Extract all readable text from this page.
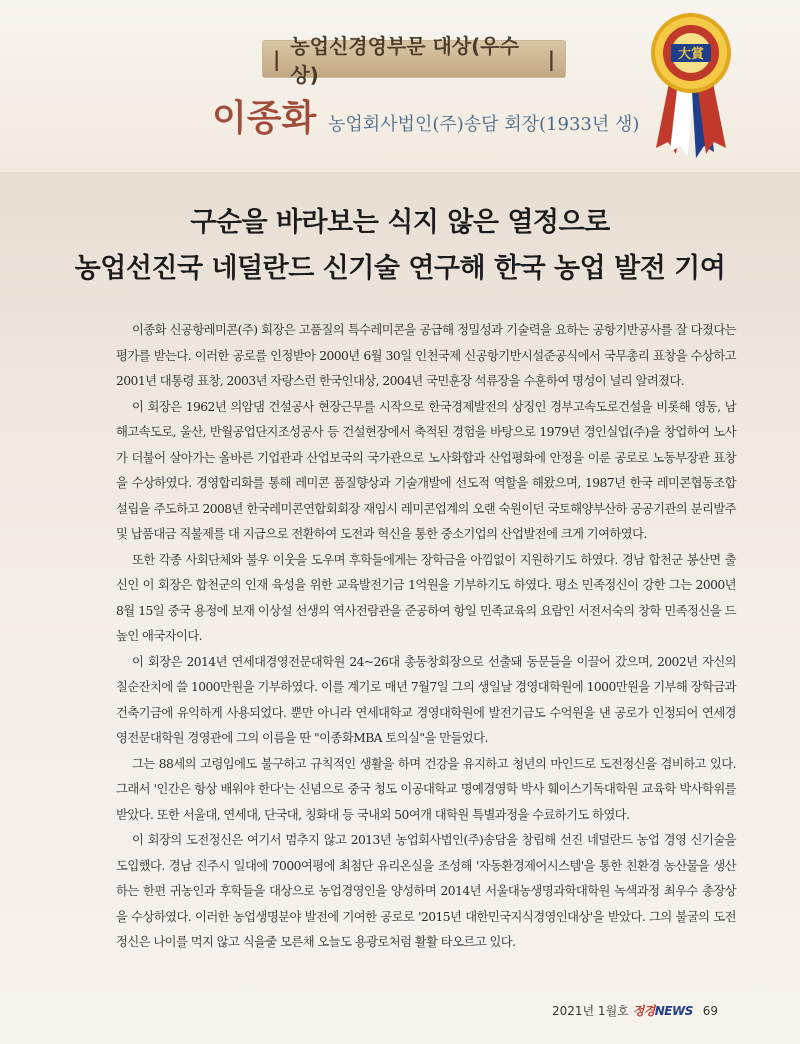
|
농업신경영부문 대상(우수상)
|
이종화 농업회사법인(주)송담 회장(1933년 생)
大賞
구순을 바라보는 식지 않은 열정으로
농업선진국 네덜란드 신기술 연구해 한국 농업 발전 기여

이종화 신공항레미콘(주) 회장은 고품질의 특수레미콘을 공급해 정밀성과 기술력을 요하는 공항기반공사를 잘 다졌다는 평가를 받는다. 이러한 공로를 인정받아 2000년 6월 30일 인천국제 신공항기반시설준공식에서 국무총리 표창을 수상하고 2001년 대통령 표창, 2003년 자랑스런 한국인대상, 2004년 국민훈장 석류장을 수훈하여 명성이 널리 알려졌다.

이 회장은 1962년 의암댐 건설공사 현장근무를 시작으로 한국경제발전의 상징인 경부고속도로건설을 비롯해 영동, 남해고속도로, 울산, 반월공업단지조성공사 등 건설현장에서 축적된 경험을 바탕으로 1979년 경인실업(주)을 창업하여 노사가 더불어 살아가는 올바른 기업관과 산업보국의 국가관으로 노사화합과 산업평화에 안정을 이룬 공로로 노동부장관 표창을 수상하였다. 경영합리화를 통해 레미콘 품질향상과 기술개발에 선도적 역할을 해왔으며, 1987년 한국 레미콘협동조합 설립을 주도하고 2008년 한국레미콘연합회회장 재임시 레미콘업계의 오랜 숙원이던 국토해양부산하 공공기관의 분리발주 및 납품대금 직불제를 대 지급으로 전환하여 도전과 혁신을 통한 중소기업의 산업발전에 크게 기여하였다.

또한 각종 사회단체와 불우 이웃을 도우며 후학들에게는 장학금을 아낌없이 지원하기도 하였다. 경남 합천군 봉산면 출신인 이 회장은 합천군의 인재 육성을 위한 교육발전기금 1억원을 기부하기도 하였다. 평소 민족정신이 강한 그는 2000년 8월 15일 중국 용정에 보재 이상설 선생의 역사전람관을 준공하여 항일 민족교육의 요람인 서전서숙의 창학 민족정신을 드높인 애국자이다.

이 회장은 2014년 연세대경영전문대학원 24~26대 총동창회장으로 선출돼 동문들을 이끌어 갔으며, 2002년 자신의 칠순잔치에 쓸 1000만원을 기부하였다. 이를 계기로 매년 7월7일 그의 생일날 경영대학원에 1000만원을 기부해 장학금과 건축기금에 유익하게 사용되었다. 뿐만 아니라 연세대학교 경영대학원에 발전기금도 수억원을 낸 공로가 인정되어 연세경영전문대학원 경영관에 그의 이름을 딴 "이종화MBA 토의실"을 만들었다.

그는 88세의 고령임에도 불구하고 규칙적인 생활을 하며 건강을 유지하고 청년의 마인드로 도전정신을 겸비하고 있다. 그래서 '인간은 항상 배워야 한다'는 신념으로 중국 청도 이공대학교 명예경영학 박사 훼이스기독대학원 교육학 박사학위를 받았다. 또한 서울대, 연세대, 단국대, 칭화대 등 국내외 50여개 대학원 특별과정을 수료하기도 하였다.

이 회장의 도전정신은 여기서 멈추지 않고 2013년 농업회사법인(주)송담을 창립해 선진 네덜란드 농업 경영 신기술을 도입했다. 경남 진주시 일대에 7000여평에 최첨단 유리온실을 조성해 '자동환경제어시스템'을 통한 친환경 농산물을 생산하는 한편 귀농인과 후학들을 대상으로 농업경영인을 양성하며 2014년 서울대농생명과학대학원 녹색과정 최우수 총장상을 수상하였다. 이러한 농업생명분야 발전에 기여한 공로로 '2015년 대한민국지식경영인대상'을 받았다. 그의 불굴의 도전정신은 나이를 먹지 않고 식을줄 모른채 오늘도 용광로처럼 활활 타오르고 있다.

2021년 1월호 정경NEWS 69
